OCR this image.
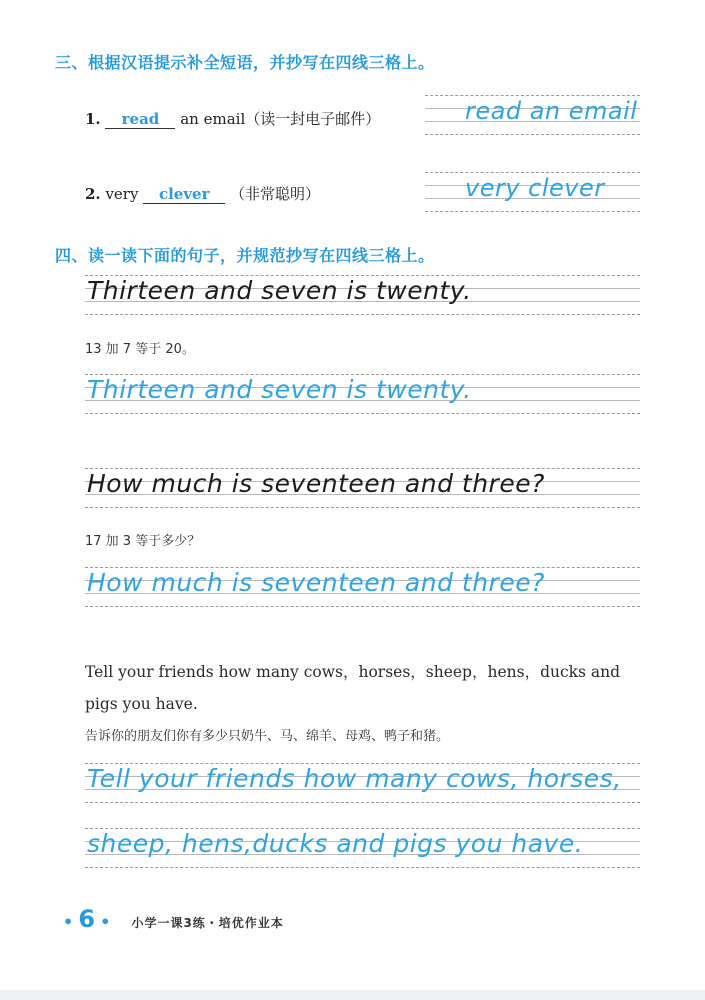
三、根据汉语提示补全短语，并抄写在四线三格上。
1. read an email（读一封电子邮件）	read an email
2. very clever （非常聪明）	very clever
四、读一读下面的句子，并规范抄写在四线三格上。
Thirteen and seven is twenty.
13 加 7 等于 20。
Thirteen and seven is twenty.
How much is seventeen and three?
17 加 3 等于多少？
How much is seventeen and three?
Tell your friends how many cows，horses，sheep，hens，ducks and
pigs you have.
告诉你的朋友们你有多少只奶牛、马、绵羊、母鸡、鸭子和猪。
Tell your friends how many cows, horses,
sheep, hens,ducks and pigs you have.
• 6 • 小学一课3练・培优作业本
